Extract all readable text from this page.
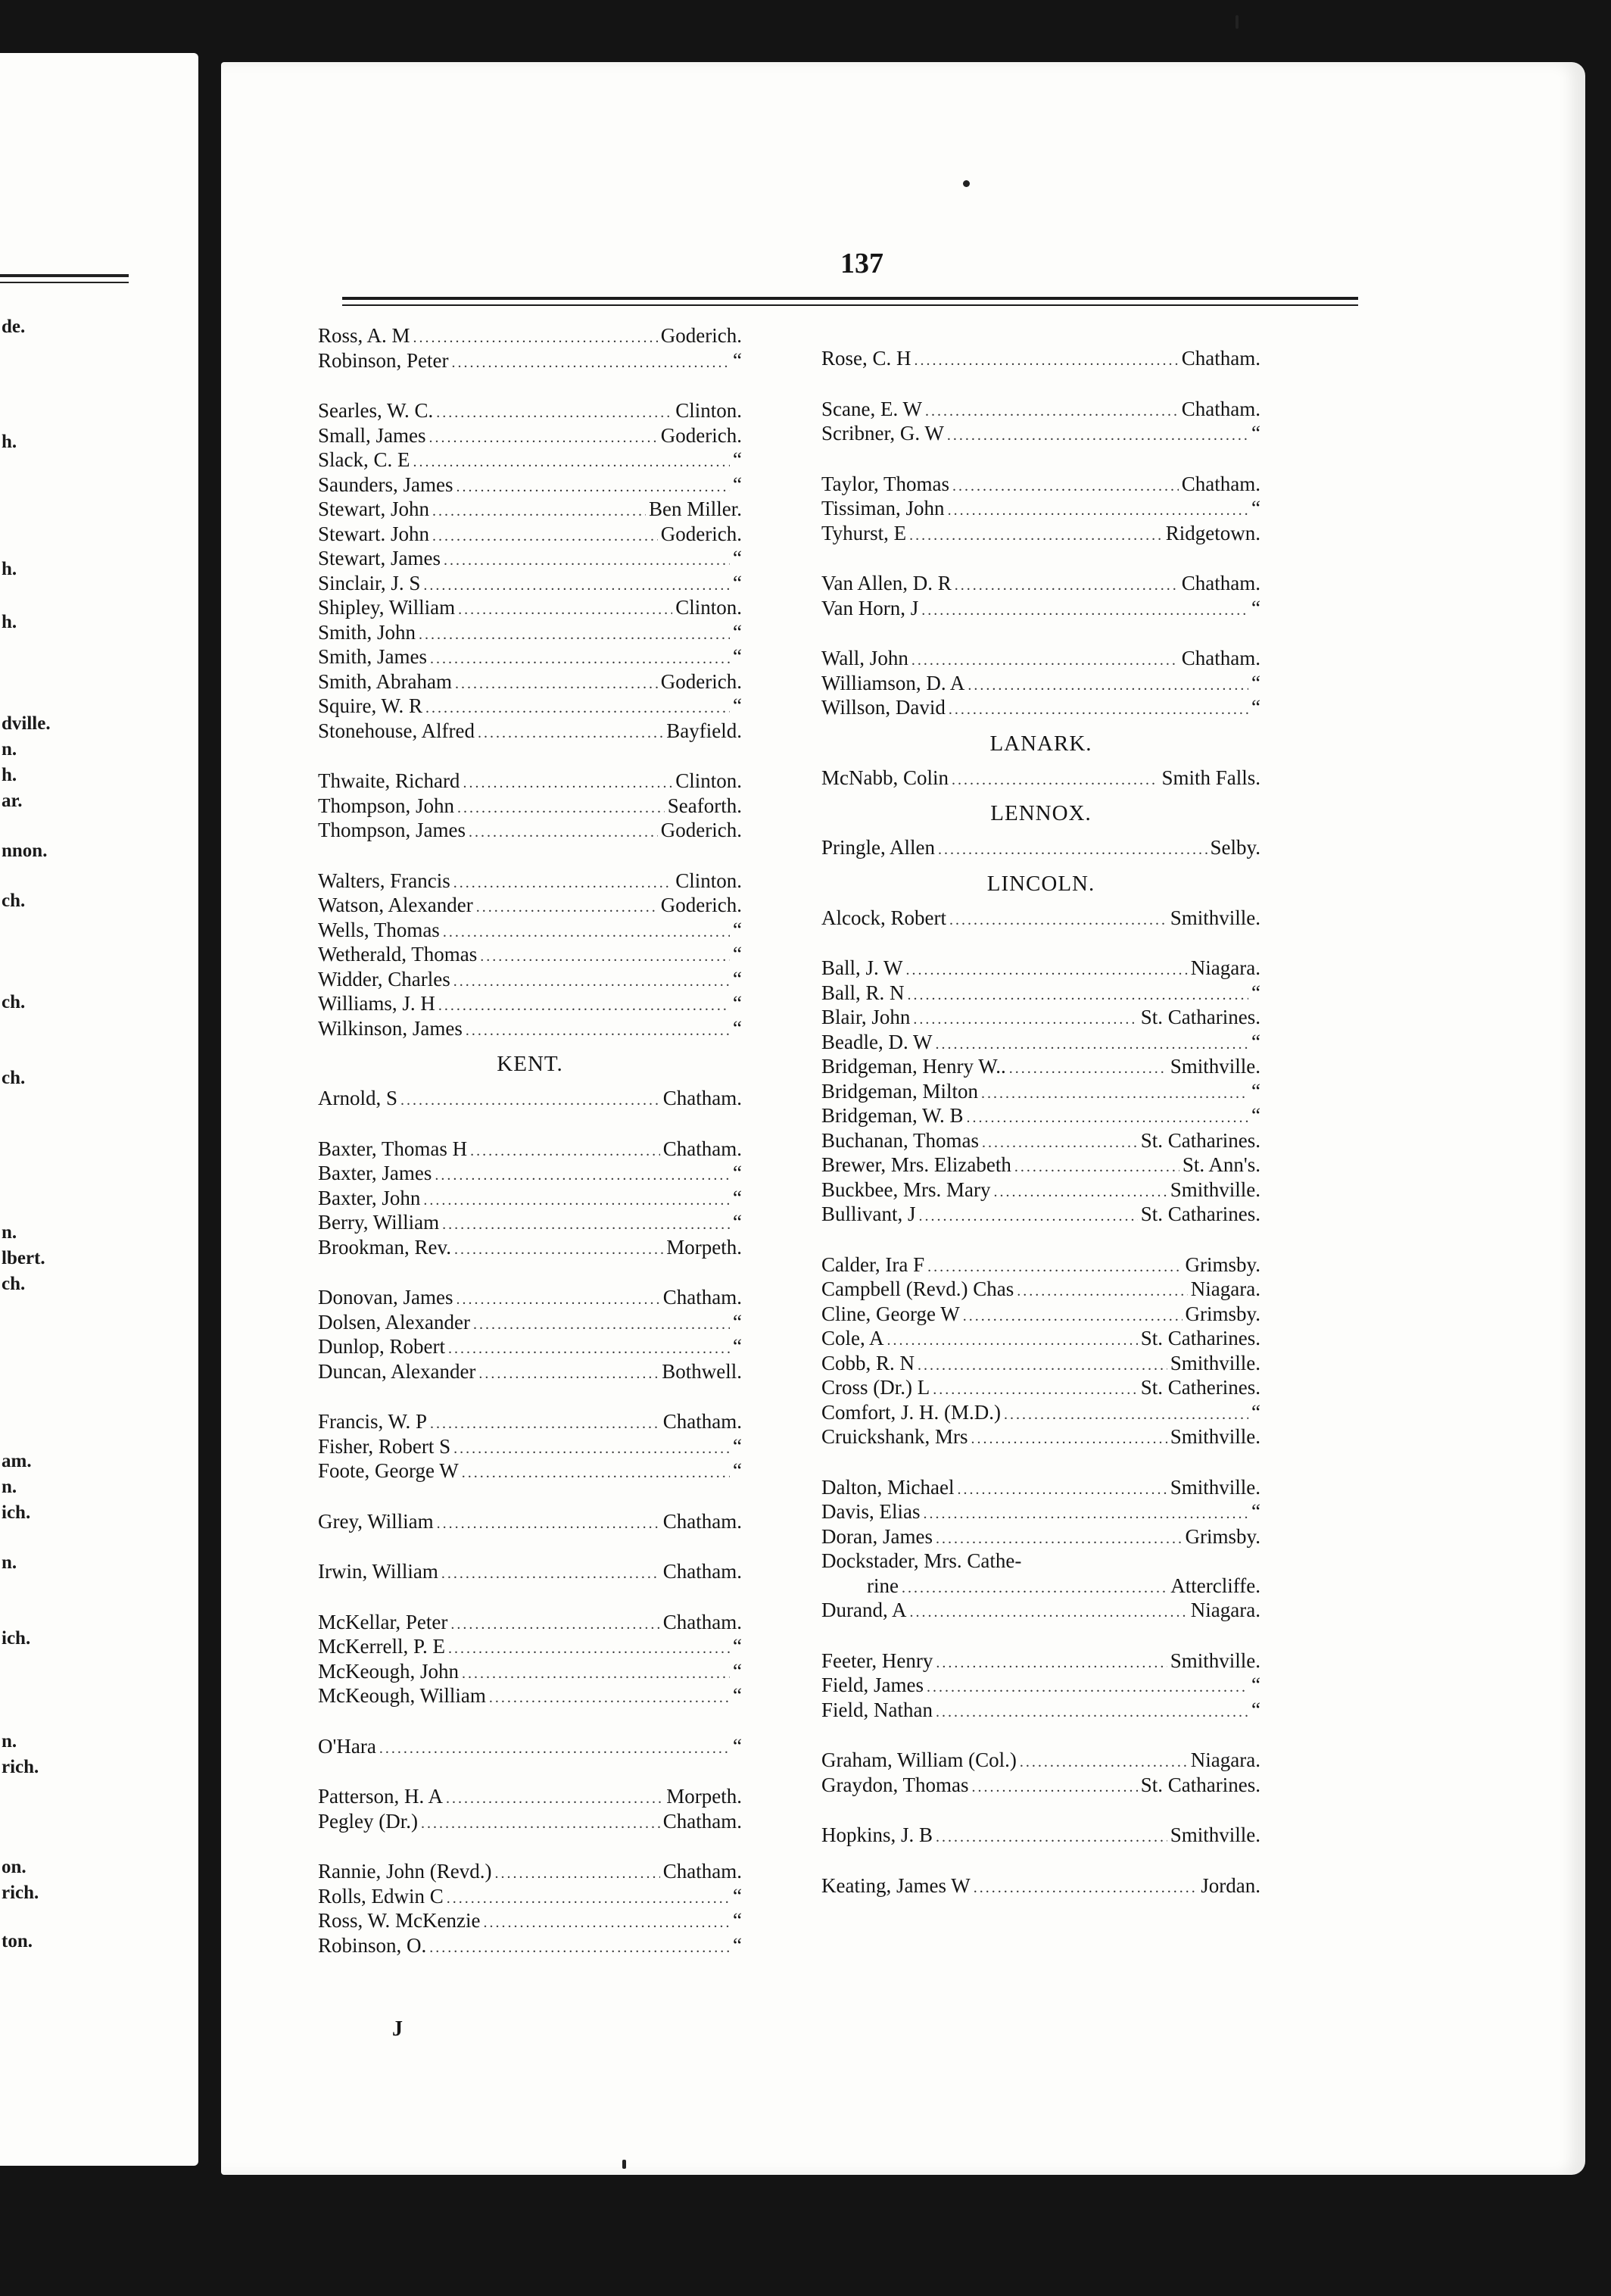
de.
h.
h.
h.
dville.
n.
h.
ar.
nnon.
ch.
ch.
ch.
n.
lbert.
ch.
am.
n.
ich.
n.
ich.
n.
rich.
on.
rich.
ton.
137
Ross, A. M .....	Goderich.
Robinson, Peter .....	“
Searles, W. C. .....	Clinton.
Small, James .....	Goderich.
Slack, C. E .....	“
Saunders, James .....	“
Stewart, John .....	Ben Miller.
Stewart. John .....	Goderich.
Stewart, James .....	“
Sinclair, J. S .....	“
Shipley, William .....	Clinton.
Smith, John .....	“
Smith, James .....	“
Smith, Abraham .....	Goderich.
Squire, W. R .....	“
Stonehouse, Alfred .....	Bayfield.
Thwaite, Richard .....	Clinton.
Thompson, John .....	Seaforth.
Thompson, James .....	Goderich.
Walters, Francis .....	Clinton.
Watson, Alexander .....	Goderich.
Wells, Thomas .....	“
Wetherald, Thomas .....	“
Widder, Charles .....	“
Williams, J. H .....	“
Wilkinson, James .....	“
KENT.
Arnold, S .....	Chatham.
Baxter, Thomas H .....	Chatham.
Baxter, James .....	“
Baxter, John .....	“
Berry, William .....	“
Brookman, Rev. .....	Morpeth.
Donovan, James .....	Chatham.
Dolsen, Alexander .....	“
Dunlop, Robert .....	“
Duncan, Alexander .....	Bothwell.
Francis, W. P .....	Chatham.
Fisher, Robert S .....	“
Foote, George W .....	“
Grey, William .....	Chatham.
Irwin, William .....	Chatham.
McKellar, Peter .....	Chatham.
McKerrell, P. E .....	“
McKeough, John .....	“
McKeough, William .....	“
O'Hara .....	“
Patterson, H. A .....	Morpeth.
Pegley (Dr.) .....	Chatham.
Rannie, John (Revd.) .....	Chatham.
Rolls, Edwin C .....	“
Ross, W. McKenzie .....	“
Robinson, O. .....	“
Rose, C. H .....	Chatham.
Scane, E. W .....	Chatham.
Scribner, G. W .....	“
Taylor, Thomas .....	Chatham.
Tissiman, John .....	“
Tyhurst, E .....	Ridgetown.
Van Allen, D. R .....	Chatham.
Van Horn, J .....	“
Wall, John .....	Chatham.
Williamson, D. A .....	“
Willson, David .....	“
LANARK.
McNabb, Colin .....	Smith Falls.
LENNOX.
Pringle, Allen .....	Selby.
LINCOLN.
Alcock, Robert .....	Smithville.
Ball, J. W .....	Niagara.
Ball, R. N .....	“
Blair, John .....	St. Catharines.
Beadle, D. W .....	“
Bridgeman, Henry W.. .....	Smithville.
Bridgeman, Milton .....	“
Bridgeman, W. B .....	“
Buchanan, Thomas .....	St. Catharines.
Brewer, Mrs. Elizabeth .....	St. Ann's.
Buckbee, Mrs. Mary .....	Smithville.
Bullivant, J .....	St. Catharines.
Calder, Ira F .....	Grimsby.
Campbell (Revd.) Chas .....	Niagara.
Cline, George W .....	Grimsby.
Cole, A .....	St. Catharines.
Cobb, R. N .....	Smithville.
Cross (Dr.) L .....	St. Catherines.
Comfort, J. H. (M.D.) .....	“
Cruickshank, Mrs .....	Smithville.
Dalton, Michael .....	Smithville.
Davis, Elias .....	“
Doran, James .....	Grimsby.
Dockstader, Mrs. Cathe-
rine .....	Attercliffe.
Durand, A .....	Niagara.
Feeter, Henry .....	Smithville.
Field, James .....	“
Field, Nathan .....	“
Graham, William (Col.) .....	Niagara.
Graydon, Thomas .....	St. Catharines.
Hopkins, J. B .....	Smithville.
Keating, James W .....	Jordan.
J
